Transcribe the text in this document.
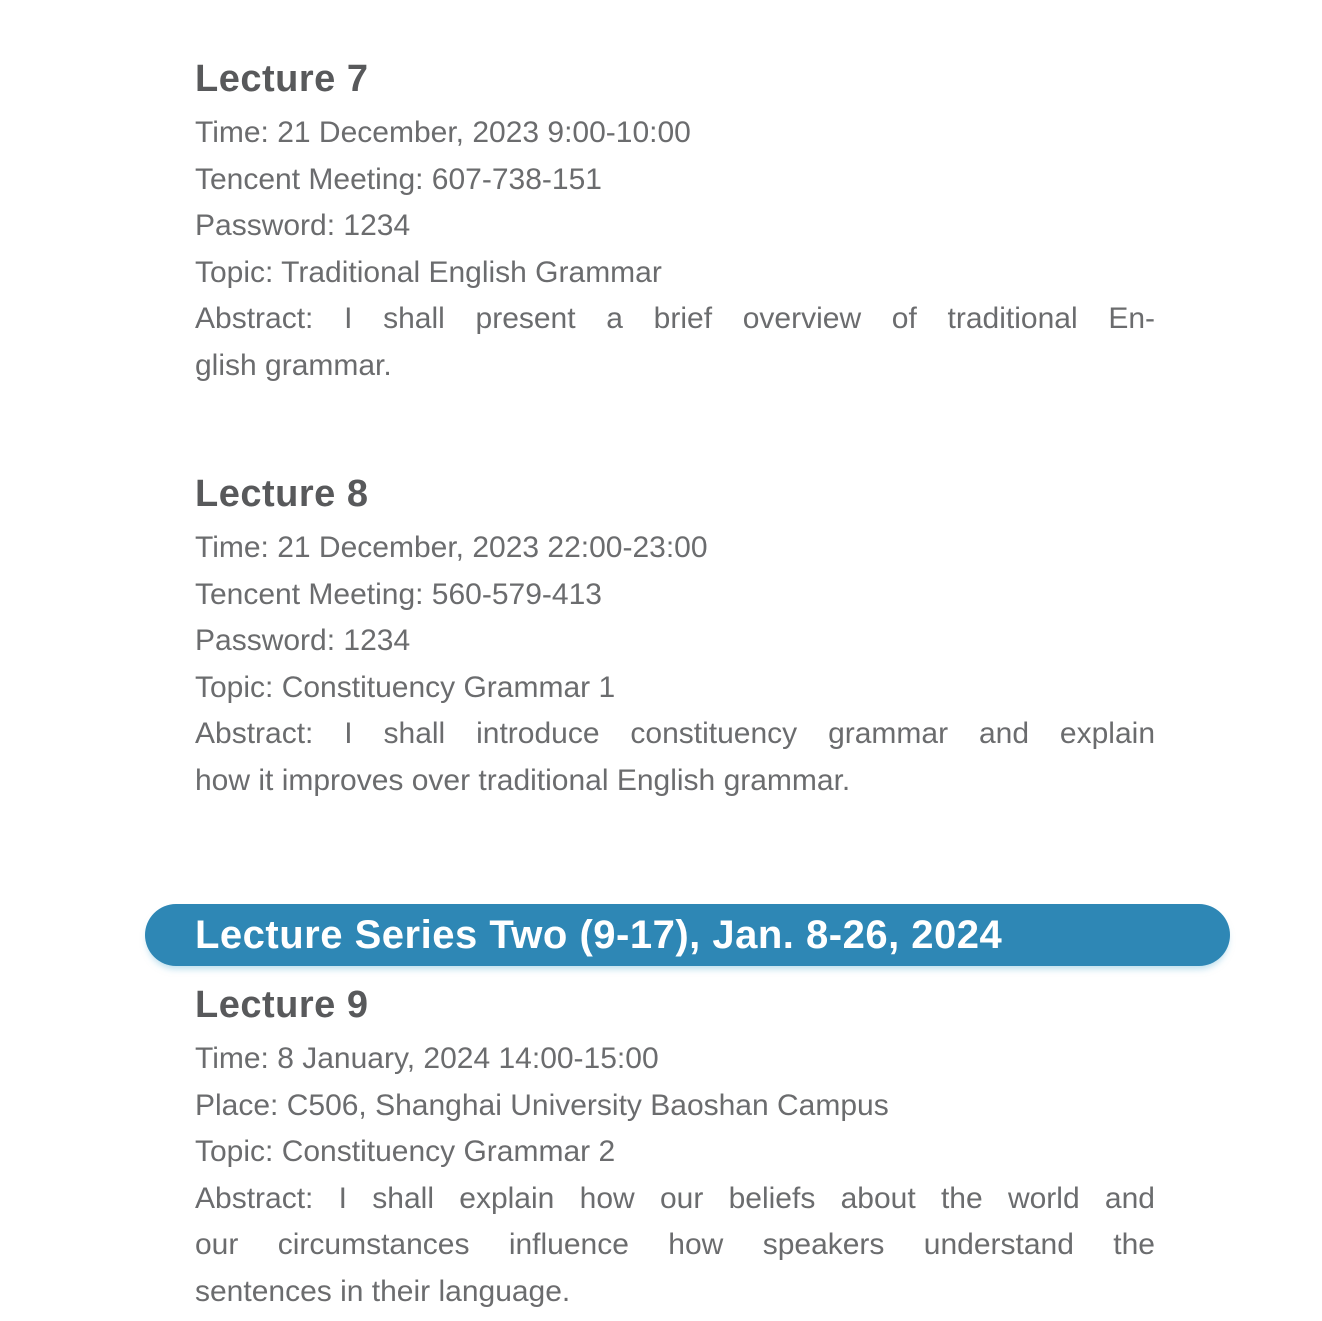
Lecture 7
Time: 21 December, 2023 9:00-10:00
Tencent Meeting: 607-738-151
Password: 1234
Topic: Traditional English Grammar
Abstract: I shall present a brief overview of traditional En-
glish grammar.
Lecture 8
Time: 21 December, 2023 22:00-23:00
Tencent Meeting: 560-579-413
Password: 1234
Topic: Constituency Grammar 1
Abstract: I shall introduce constituency grammar and explain
how it improves over traditional English grammar.
Lecture Series Two (9-17), Jan. 8-26, 2024
Lecture 9
Time: 8 January, 2024 14:00-15:00
Place: C506, Shanghai University Baoshan Campus
Topic: Constituency Grammar 2
Abstract: I shall explain how our beliefs about the world and
our circumstances influence how speakers understand the
sentences in their language.
